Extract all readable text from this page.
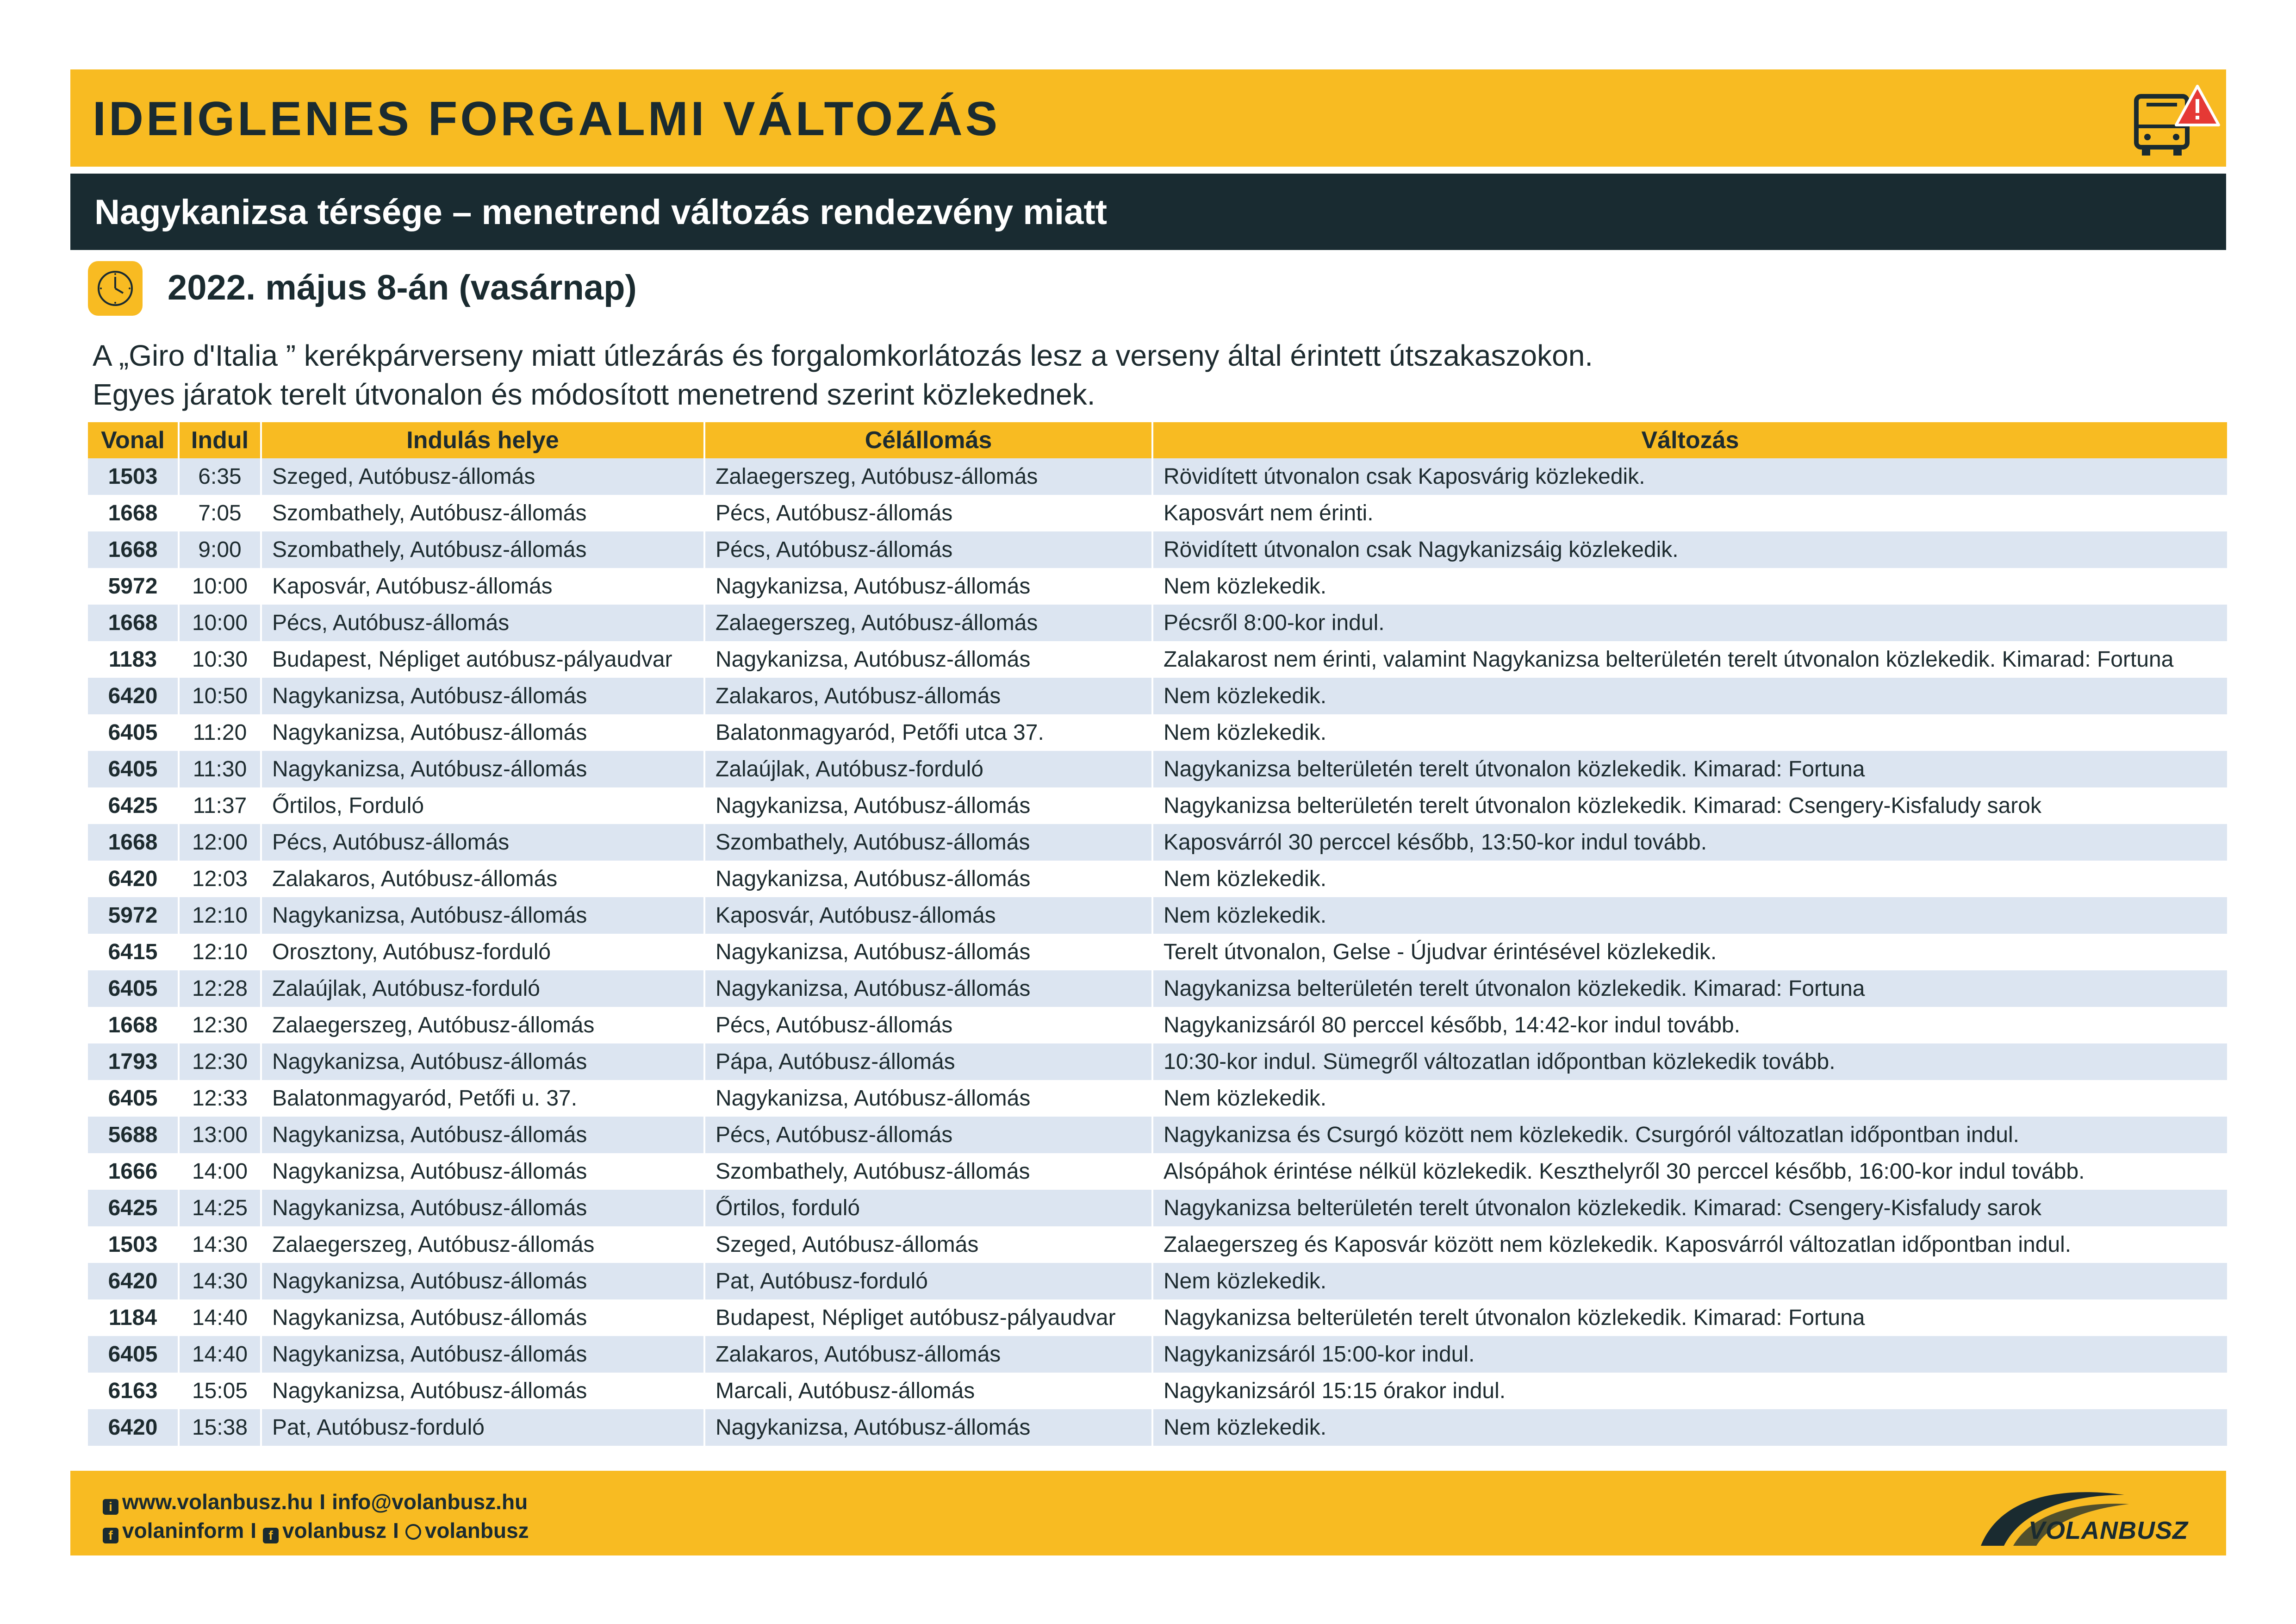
IDEIGLENES FORGALMI VÁLTOZÁS
Nagykanizsa térsége – menetrend változás rendezvény miatt
2022. május 8-án (vasárnap)
A „Giro d'Italia ” kerékpárverseny miatt útlezárás és forgalomkorlátozás lesz a verseny által érintett útszakaszokon.
Egyes járatok terelt útvonalon és módosított menetrend szerint közlekednek.
Vonal	Indul	Indulás helye	Célállomás	Változás
1503	6:35	Szeged, Autóbusz-állomás	Zalaegerszeg, Autóbusz-állomás	Rövidített útvonalon csak Kaposvárig közlekedik.
1668	7:05	Szombathely, Autóbusz-állomás	Pécs, Autóbusz-állomás	Kaposvárt nem érinti.
1668	9:00	Szombathely, Autóbusz-állomás	Pécs, Autóbusz-állomás	Rövidített útvonalon csak Nagykanizsáig közlekedik.
5972	10:00	Kaposvár, Autóbusz-állomás	Nagykanizsa, Autóbusz-állomás	Nem közlekedik.
1668	10:00	Pécs, Autóbusz-állomás	Zalaegerszeg, Autóbusz-állomás	Pécsről 8:00-kor indul.
1183	10:30	Budapest, Népliget autóbusz-pályaudvar	Nagykanizsa, Autóbusz-állomás	Zalakarost nem érinti, valamint Nagykanizsa belterületén terelt útvonalon közlekedik. Kimarad: Fortuna
6420	10:50	Nagykanizsa, Autóbusz-állomás	Zalakaros, Autóbusz-állomás	Nem közlekedik.
6405	11:20	Nagykanizsa, Autóbusz-állomás	Balatonmagyaród, Petőfi utca 37.	Nem közlekedik.
6405	11:30	Nagykanizsa, Autóbusz-állomás	Zalaújlak, Autóbusz-forduló	Nagykanizsa belterületén terelt útvonalon közlekedik. Kimarad: Fortuna
6425	11:37	Őrtilos, Forduló	Nagykanizsa, Autóbusz-állomás	Nagykanizsa belterületén terelt útvonalon közlekedik. Kimarad: Csengery-Kisfaludy sarok
1668	12:00	Pécs, Autóbusz-állomás	Szombathely, Autóbusz-állomás	Kaposvárról 30 perccel később, 13:50-kor indul tovább.
6420	12:03	Zalakaros, Autóbusz-állomás	Nagykanizsa, Autóbusz-állomás	Nem közlekedik.
5972	12:10	Nagykanizsa, Autóbusz-állomás	Kaposvár, Autóbusz-állomás	Nem közlekedik.
6415	12:10	Orosztony, Autóbusz-forduló	Nagykanizsa, Autóbusz-állomás	Terelt útvonalon, Gelse - Újudvar érintésével közlekedik.
6405	12:28	Zalaújlak, Autóbusz-forduló	Nagykanizsa, Autóbusz-állomás	Nagykanizsa belterületén terelt útvonalon közlekedik. Kimarad: Fortuna
1668	12:30	Zalaegerszeg, Autóbusz-állomás	Pécs, Autóbusz-állomás	Nagykanizsáról 80 perccel később, 14:42-kor indul tovább.
1793	12:30	Nagykanizsa, Autóbusz-állomás	Pápa, Autóbusz-állomás	10:30-kor indul. Sümegről változatlan időpontban közlekedik tovább.
6405	12:33	Balatonmagyaród, Petőfi u. 37.	Nagykanizsa, Autóbusz-állomás	Nem közlekedik.
5688	13:00	Nagykanizsa, Autóbusz-állomás	Pécs, Autóbusz-állomás	Nagykanizsa és Csurgó között nem közlekedik. Csurgóról változatlan időpontban indul.
1666	14:00	Nagykanizsa, Autóbusz-állomás	Szombathely, Autóbusz-állomás	Alsópáhok érintése nélkül közlekedik. Keszthelyről 30 perccel később, 16:00-kor indul tovább.
6425	14:25	Nagykanizsa, Autóbusz-állomás	Őrtilos, forduló	Nagykanizsa belterületén terelt útvonalon közlekedik. Kimarad: Csengery-Kisfaludy sarok
1503	14:30	Zalaegerszeg, Autóbusz-állomás	Szeged, Autóbusz-állomás	Zalaegerszeg és Kaposvár között nem közlekedik. Kaposvárról változatlan időpontban indul.
6420	14:30	Nagykanizsa, Autóbusz-állomás	Pat, Autóbusz-forduló	Nem közlekedik.
1184	14:40	Nagykanizsa, Autóbusz-állomás	Budapest, Népliget autóbusz-pályaudvar	Nagykanizsa belterületén terelt útvonalon közlekedik. Kimarad: Fortuna
6405	14:40	Nagykanizsa, Autóbusz-állomás	Zalakaros, Autóbusz-állomás	Nagykanizsáról 15:00-kor indul.
6163	15:05	Nagykanizsa, Autóbusz-állomás	Marcali, Autóbusz-állomás	Nagykanizsáról 15:15 órakor indul.
6420	15:38	Pat, Autóbusz-forduló	Nagykanizsa, Autóbusz-állomás	Nem közlekedik.
i www.volanbusz.hu I info@volanbusz.hu
f volaninform I f volanbusz I volanbusz	VOLANBUSZ
